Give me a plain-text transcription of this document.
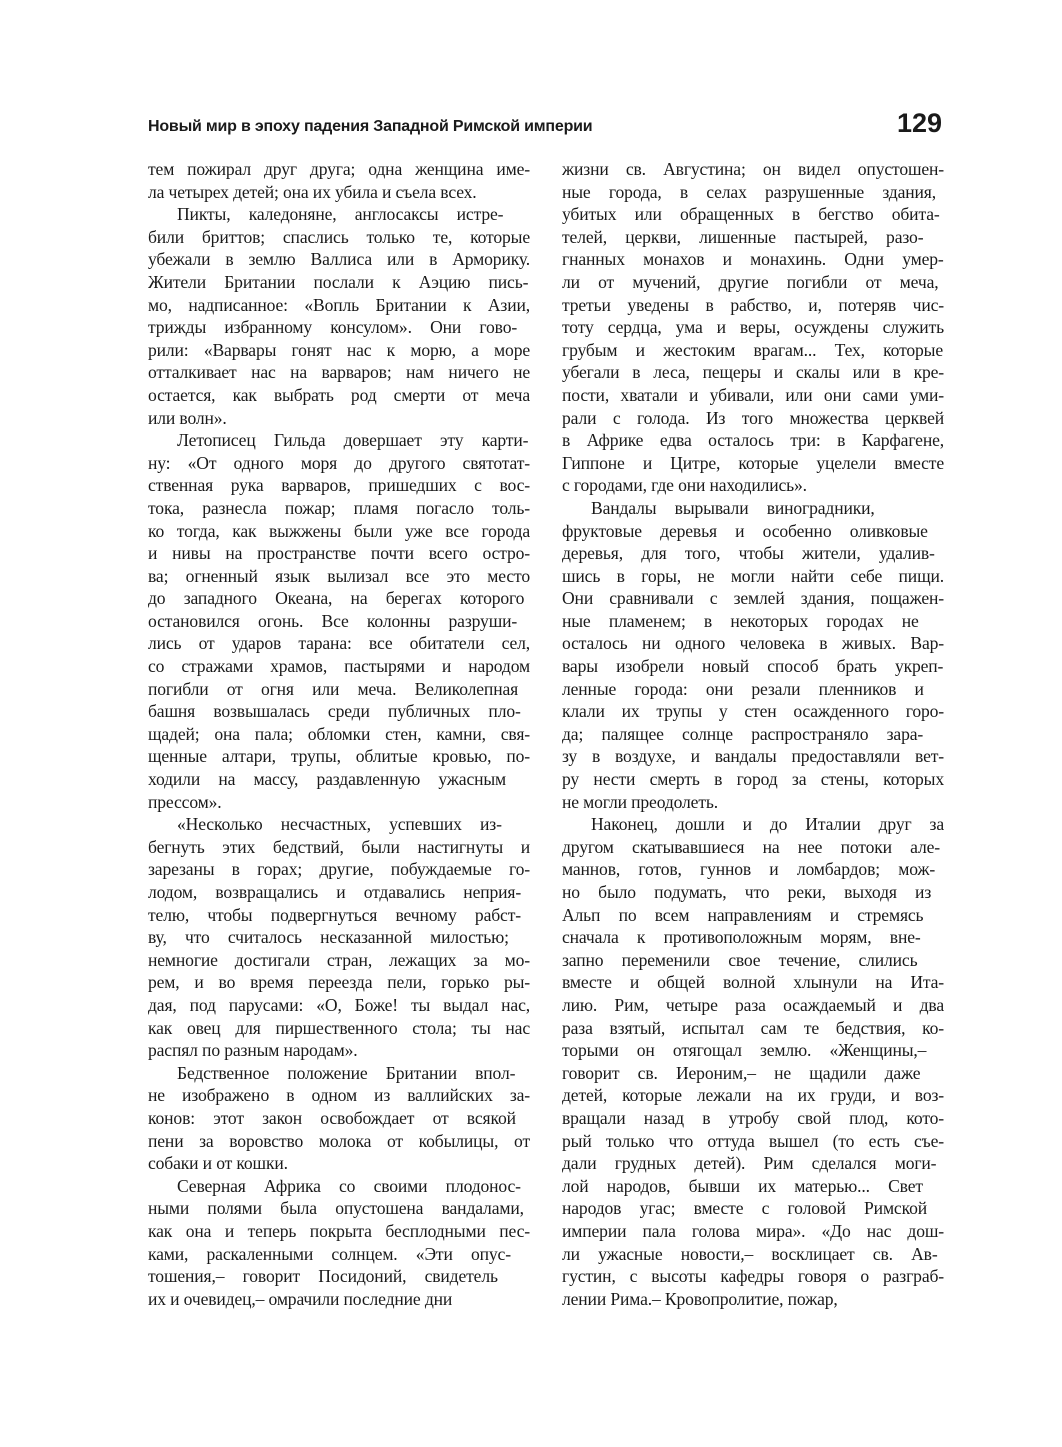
Новый мир в эпоху падения Западной Римской империи	129
тем пожирал друг друга; одна женщина име-
ла четырех детей; она их убила и съела всех.
Пикты, каледоняне, англосаксы истре-
били бриттов; спаслись только те, которые
убежали в землю Валлиса или в Арморику.
Жители Британии послали к Аэцию пись-
мо, надписанное: «Вопль Британии к Азии,
трижды избранному консулом». Они гово-
рили: «Варвары гонят нас к морю, а море
отталкивает нас на варваров; нам ничего не
остается, как выбрать род смерти от меча
или волн».
Летописец Гильда довершает эту карти-
ну: «От одного моря до другого святотат-
ственная рука варваров, пришедших с вос-
тока, разнесла пожар; пламя погасло толь-
ко тогда, как выжжены были уже все города
и нивы на пространстве почти всего остро-
ва; огненный язык вылизал все это место
до западного Океана, на берегах которого
остановился огонь. Все колонны разруши-
лись от ударов тарана: все обитатели сел,
со стражами храмов, пастырями и народом
погибли от огня или меча. Великолепная
башня возвышалась среди публичных пло-
щадей; она пала; обломки стен, камни, свя-
щенные алтари, трупы, облитые кровью, по-
ходили на массу, раздавленную ужасным
прессом».
«Несколько несчастных, успевших из-
бегнуть этих бедствий, были настигнуты и
зарезаны в горах; другие, побуждаемые го-
лодом, возвращались и отдавались неприя-
телю, чтобы подвергнуться вечному рабст-
ву, что считалось несказанной милостью;
немногие достигали стран, лежащих за мо-
рем, и во время переезда пели, горько ры-
дая, под парусами: «О, Боже! ты выдал нас,
как овец для пиршественного стола; ты нас
распял по разным народам».
Бедственное положение Британии впол-
не изображено в одном из валлийских за-
конов: этот закон освобождает от всякой
пени за воровство молока от кобылицы, от
собаки и от кошки.
Северная Африка со своими плодонос-
ными полями была опустошена вандалами,
как она и теперь покрыта бесплодными пес-
ками, раскаленными солнцем. «Эти опус-
тошения,– говорит Посидоний, свидетель
их и очевидец,– омрачили последние дни
жизни св. Августина; он видел опустошен-
ные города, в селах разрушенные здания,
убитых или обращенных в бегство обита-
телей, церкви, лишенные пастырей, разо-
гнанных монахов и монахинь. Одни умер-
ли от мучений, другие погибли от меча,
третьи уведены в рабство, и, потеряв чис-
тоту сердца, ума и веры, осуждены служить
грубым и жестоким врагам... Тех, которые
убегали в леса, пещеры и скалы или в кре-
пости, хватали и убивали, или они сами уми-
рали с голода. Из того множества церквей
в Африке едва осталось три: в Карфагене,
Гиппоне и Цитре, которые уцелели вместе
с городами, где они находились».
Вандалы вырывали виноградники,
фруктовые деревья и особенно оливковые
деревья, для того, чтобы жители, удалив-
шись в горы, не могли найти себе пищи.
Они сравнивали с землей здания, пощажен-
ные пламенем; в некоторых городах не
осталось ни одного человека в живых. Вар-
вары изобрели новый способ брать укреп-
ленные города: они резали пленников и
клали их трупы у стен осажденного горо-
да; палящее солнце распространяло зара-
зу в воздухе, и вандалы предоставляли вет-
ру нести смерть в город за стены, которых
не могли преодолеть.
Наконец, дошли и до Италии друг за
другом скатывавшиеся на нее потоки але-
маннов, готов, гуннов и ломбардов; мож-
но было подумать, что реки, выходя из
Альп по всем направлениям и стремясь
сначала к противоположным морям, вне-
запно переменили свое течение, слились
вместе и общей волной хлынули на Ита-
лию. Рим, четыре раза осаждаемый и два
раза взятый, испытал сам те бедствия, ко-
торыми он отягощал землю. «Женщины,–
говорит св. Иероним,– не щадили даже
детей, которые лежали на их груди, и воз-
вращали назад в утробу свой плод, кото-
рый только что оттуда вышел (то есть съе-
дали грудных детей). Рим сделался моги-
лой народов, бывши их матерью... Свет
народов угас; вместе с головой Римской
империи пала голова мира». «До нас дош-
ли ужасные новости,– восклицает св. Ав-
густин, с высоты кафедры говоря о разграб-
лении Рима.– Кровопролитие, пожар,
